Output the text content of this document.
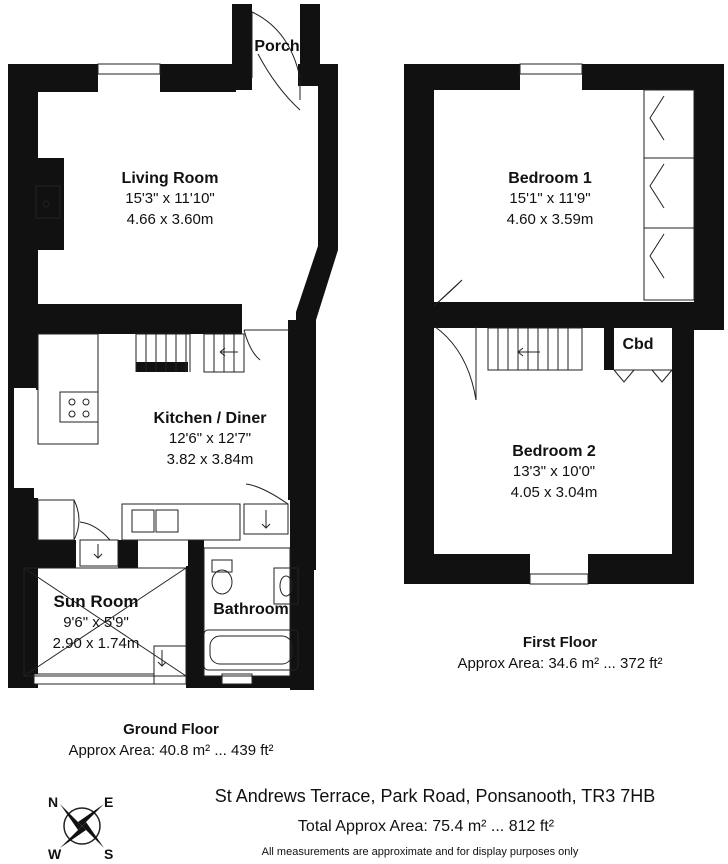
Porch
Living Room
15'3" x 11'10"
4.66 x 3.60m
Kitchen / Diner
12'6" x 12'7"
3.82 x 3.84m
Sun Room
9'6" x 5'9"
2.90 x 1.74m
Bathroom
Bedroom 1
15'1" x 11'9"
4.60 x 3.59m
Cbd
Bedroom 2
13'3" x 10'0"
4.05 x 3.04m
First Floor
Approx Area: 34.6 m² ... 372 ft²
Ground Floor
Approx Area: 40.8 m² ... 439 ft²
N	E
W	S
St Andrews Terrace, Park Road, Ponsanooth, TR3 7HB
Total Approx Area: 75.4 m² ... 812 ft²
All measurements are approximate and for display purposes only
